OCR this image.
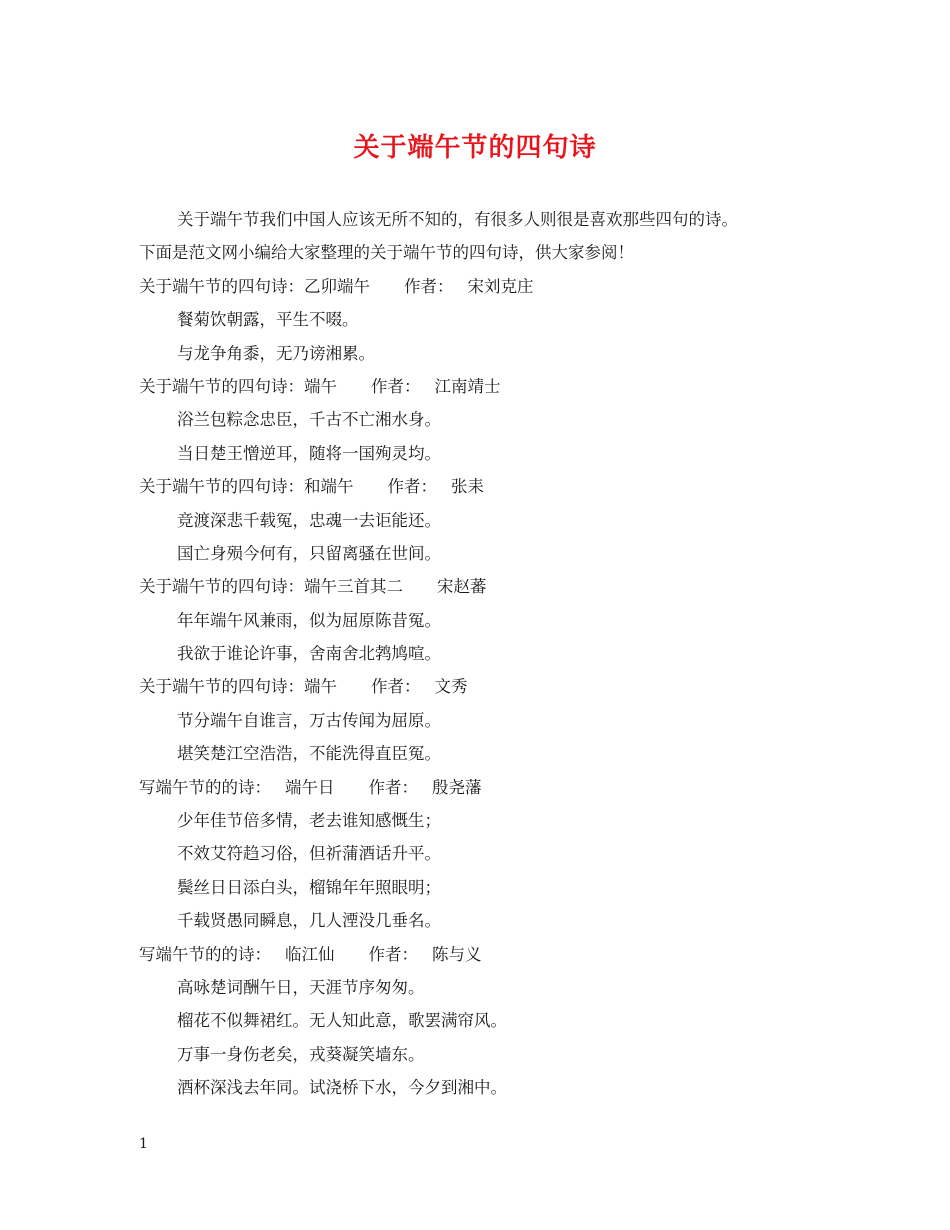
关于端午节的四句诗
关于端午节我们中国人应该无所不知的，有很多人则很是喜欢那些四句的诗。
下面是范文网小编给大家整理的关于端午节的四句诗，供大家参阅！
关于端午节的四句诗：乙卯端午 作者： 宋刘克庄
餐菊饮朝露，平生不啜。
与龙争角黍，无乃谤湘累。
关于端午节的四句诗：端午 作者： 江南靖士
浴兰包粽念忠臣，千古不亡湘水身。
当日楚王憎逆耳，随将一国殉灵均。
关于端午节的四句诗：和端午 作者： 张耒
竞渡深悲千载冤，忠魂一去讵能还。
国亡身殒今何有，只留离骚在世间。
关于端午节的四句诗：端午三首其二 宋赵蕃
年年端午风兼雨，似为屈原陈昔冤。
我欲于谁论许事，舍南舍北鹁鸠喧。
关于端午节的四句诗：端午 作者： 文秀
节分端午自谁言，万古传闻为屈原。
堪笑楚江空浩浩，不能洗得直臣冤。
写端午节的的诗： 端午日 作者： 殷尧藩
少年佳节倍多情，老去谁知感慨生；
不效艾符趋习俗，但祈蒲酒话升平。
鬓丝日日添白头，榴锦年年照眼明；
千载贤愚同瞬息，几人湮没几垂名。
写端午节的的诗： 临江仙 作者： 陈与义
高咏楚词酬午日，天涯节序匆匆。
榴花不似舞裙红。无人知此意，歌罢满帘风。
万事一身伤老矣，戎葵凝笑墙东。
酒杯深浅去年同。试浇桥下水，今夕到湘中。
1
